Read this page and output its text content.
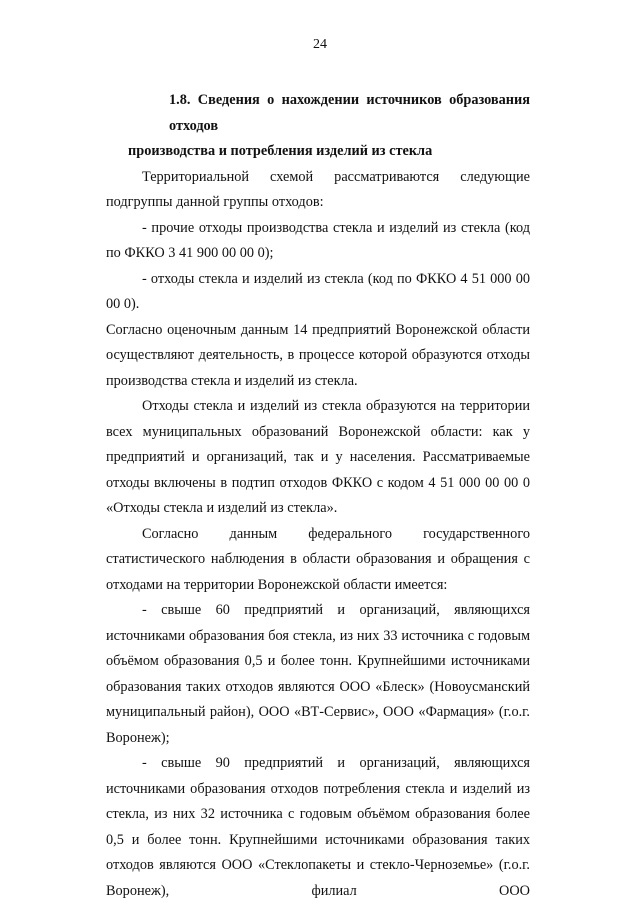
24

1.8. Сведения о нахождении источников образования отходов
производства и потребления изделий из стекла

Территориальной схемой рассматриваются следующие подгруппы данной группы отходов:

- прочие отходы производства стекла и изделий из стекла (код по ФККО 3 41 900 00 00 0);

- отходы стекла и изделий из стекла (код по ФККО 4 51 000 00 00 0).

Согласно оценочным данным 14 предприятий Воронежской области осуществляют деятельность, в процессе которой образуются отходы производства стекла и изделий из стекла.

Отходы стекла и изделий из стекла образуются на территории всех муниципальных образований Воронежской области: как у предприятий и организаций, так и у населения. Рассматриваемые отходы включены в подтип отходов ФККО с кодом 4 51 000 00 00 0 «Отходы стекла и изделий из стекла».

Согласно данным федерального государственного статистического наблюдения в области образования и обращения с отходами на территории Воронежской области имеется:

- свыше 60 предприятий и организаций, являющихся источниками образования боя стекла, из них 33 источника с годовым объёмом образования 0,5 и более тонн. Крупнейшими источниками образования таких отходов являются ООО «Блеск» (Новоусманский муниципальный район), ООО «ВТ-Сервис», ООО «Фармация» (г.о.г. Воронеж);

- свыше 90 предприятий и организаций, являющихся источниками образования отходов потребления стекла и изделий из стекла, из них 32 источника с годовым объёмом образования более 0,5 и более тонн. Крупнейшими источниками образования таких отходов являются ООО «Стеклопакеты и стекло-Черноземье» (г.о.г. Воронеж), филиал ООО
